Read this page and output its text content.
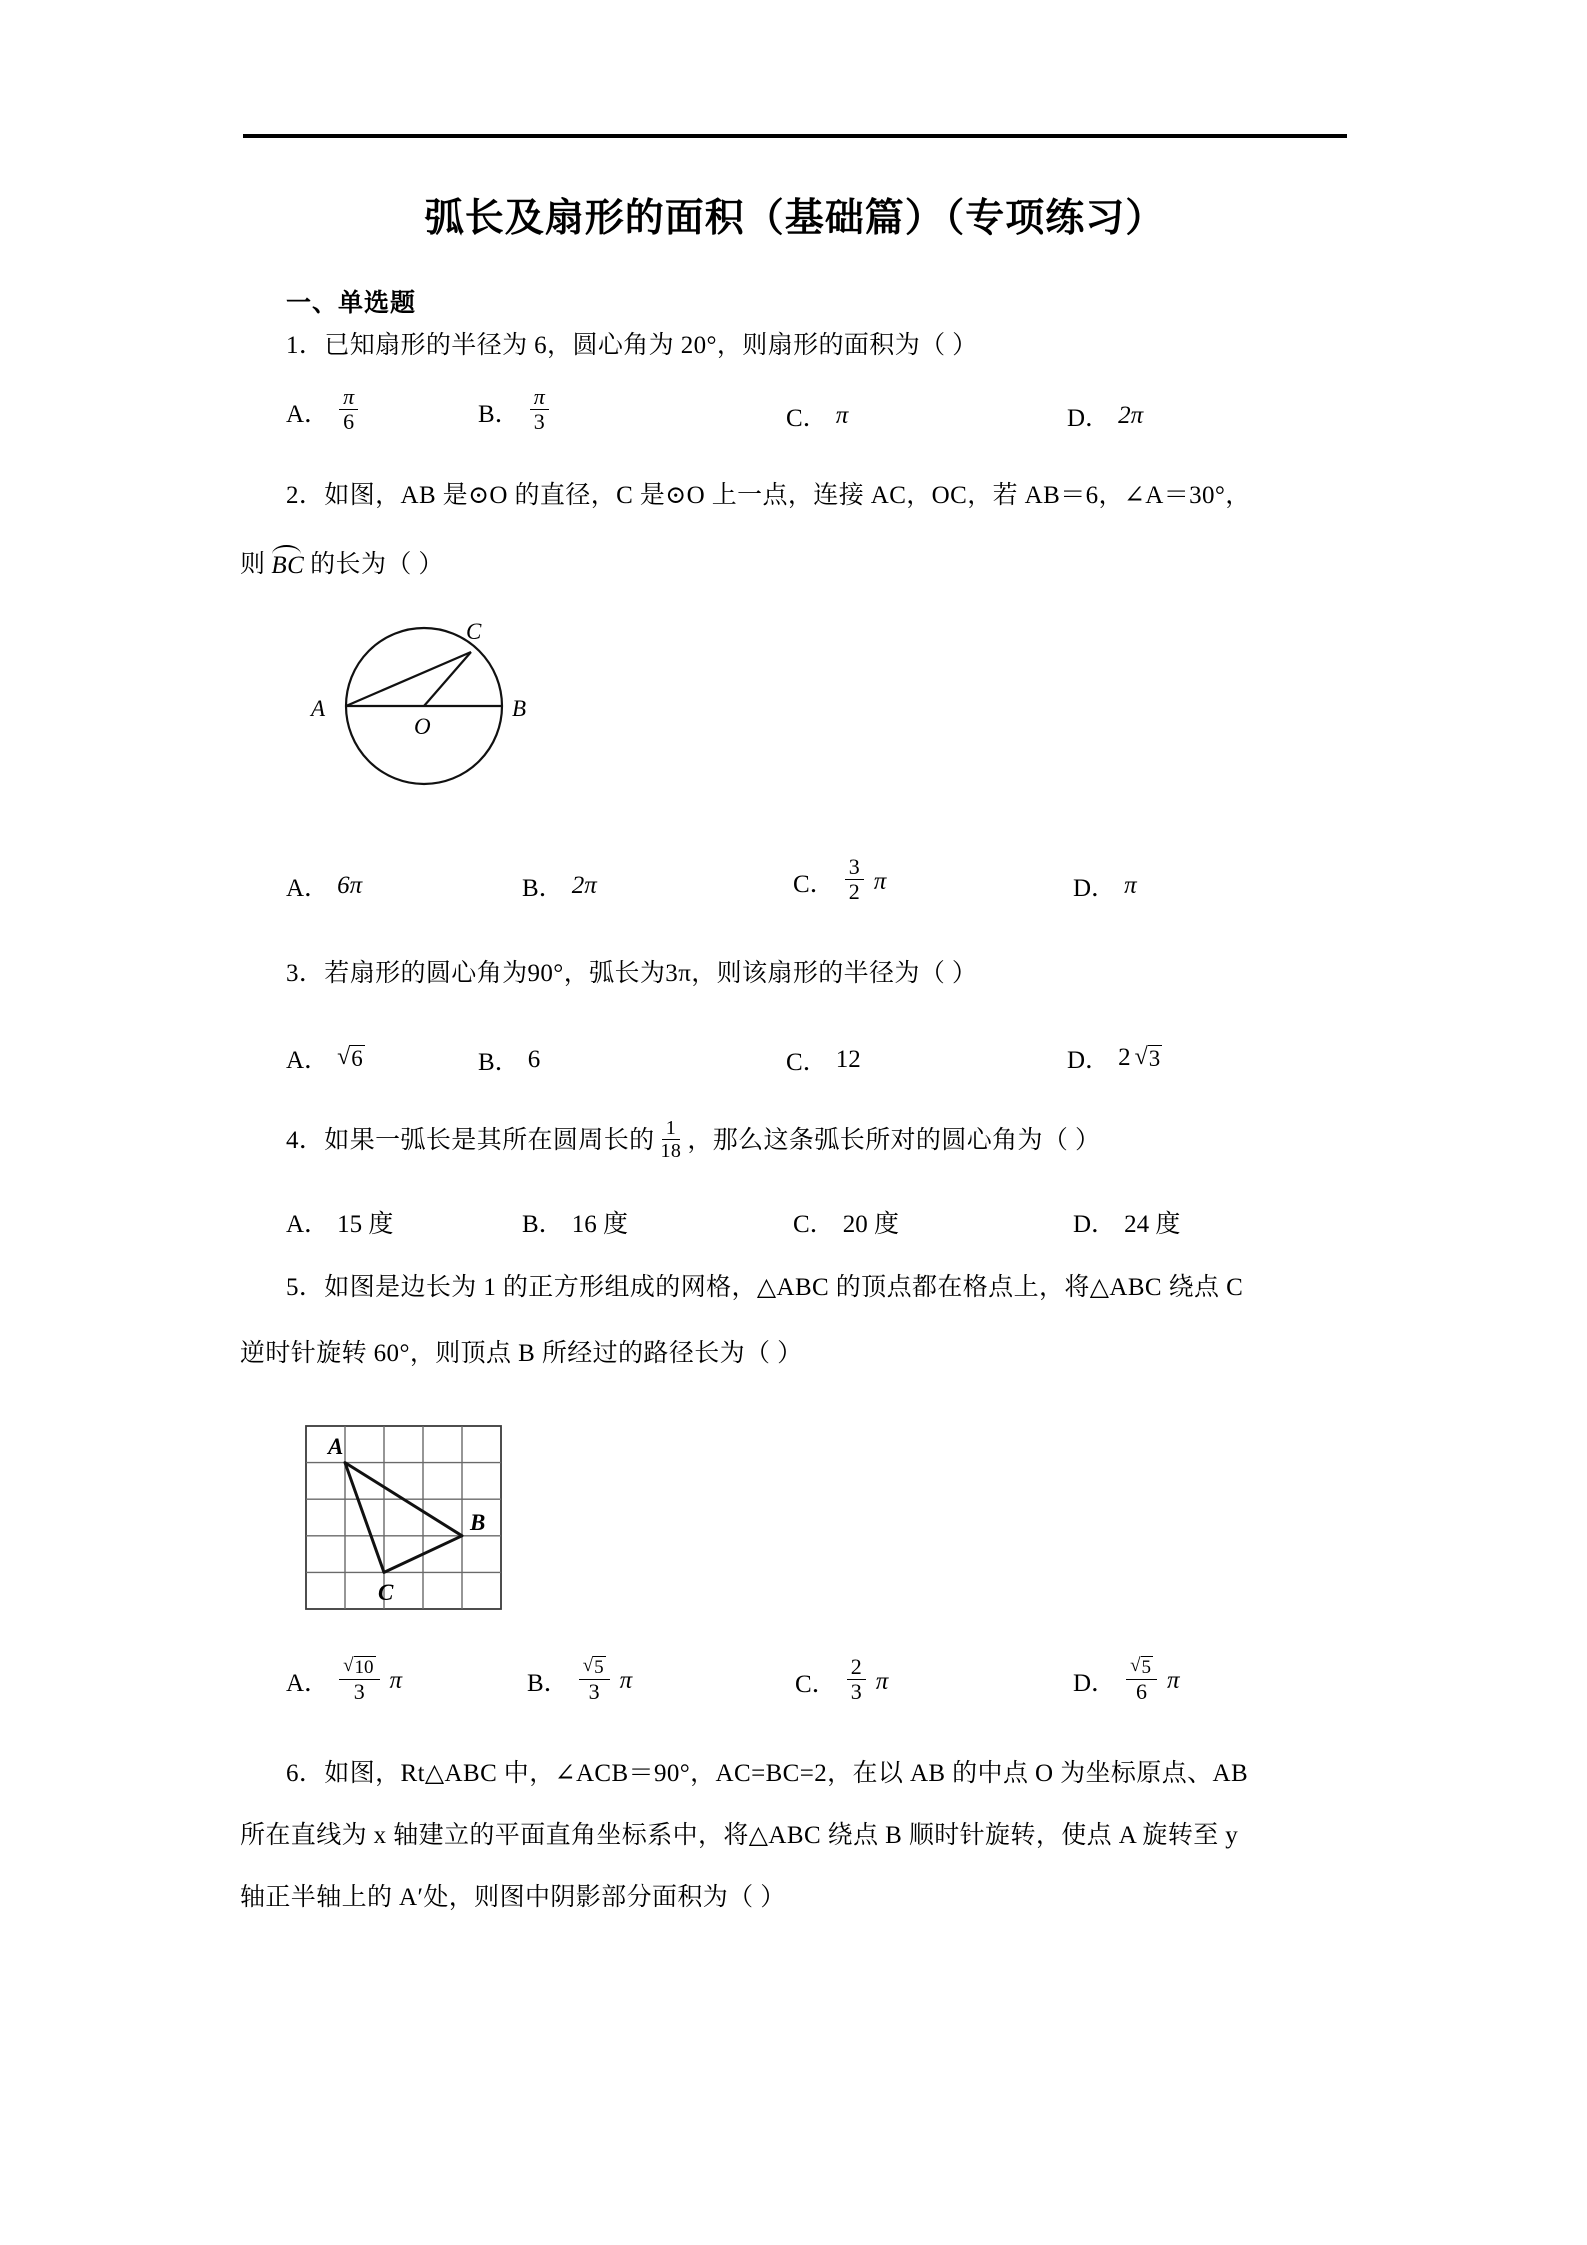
弧长及扇形的面积（基础篇）（专项练习）
一、单选题
1．已知扇形的半径为 6，圆心角为 20°，则扇形的面积为（ ）
A． $\frac{\pi}{6}$	B． $\frac{\pi}{3}$	C． π	D． 2π
2．如图，AB 是⊙O 的直径，C 是⊙O 上一点，连接 AC，OC，若 AB＝6，∠A＝30°，
则 BC 的长为（ ）
A	B
C
O
A． 6π	B． 2π	C． $\frac{3}{2}$ π	D． π
3．若扇形的圆心角为90°，弧长为3π，则该扇形的半径为（ ）
A． √ 6	B． 6	C． 12	D． 2 √ 3
4．如果一弧长是其所在圆周长的 $\frac{1}{18}$ ，那么这条弧长所对的圆心角为（ ）
A． 15 度	B． 16 度	C． 20 度	D． 24 度
5．如图是边长为 1 的正方形组成的网格，△ABC 的顶点都在格点上，将△ABC 绕点 C
逆时针旋转 60°，则顶点 B 所经过的路径长为（ ）
A
B
C
A． $\frac{√ 10}{3}$ π	B． $\frac{√ 5}{3}$ π	C． $\frac{2}{3}$ π	D． $\frac{√ 5}{6}$ π
6．如图，Rt△ABC 中，∠ACB＝90°，AC=BC=2，在以 AB 的中点 O 为坐标原点、AB
所在直线为 x 轴建立的平面直角坐标系中，将△ABC 绕点 B 顺时针旋转，使点 A 旋转至 y
轴正半轴上的 A′处，则图中阴影部分面积为（ ）
